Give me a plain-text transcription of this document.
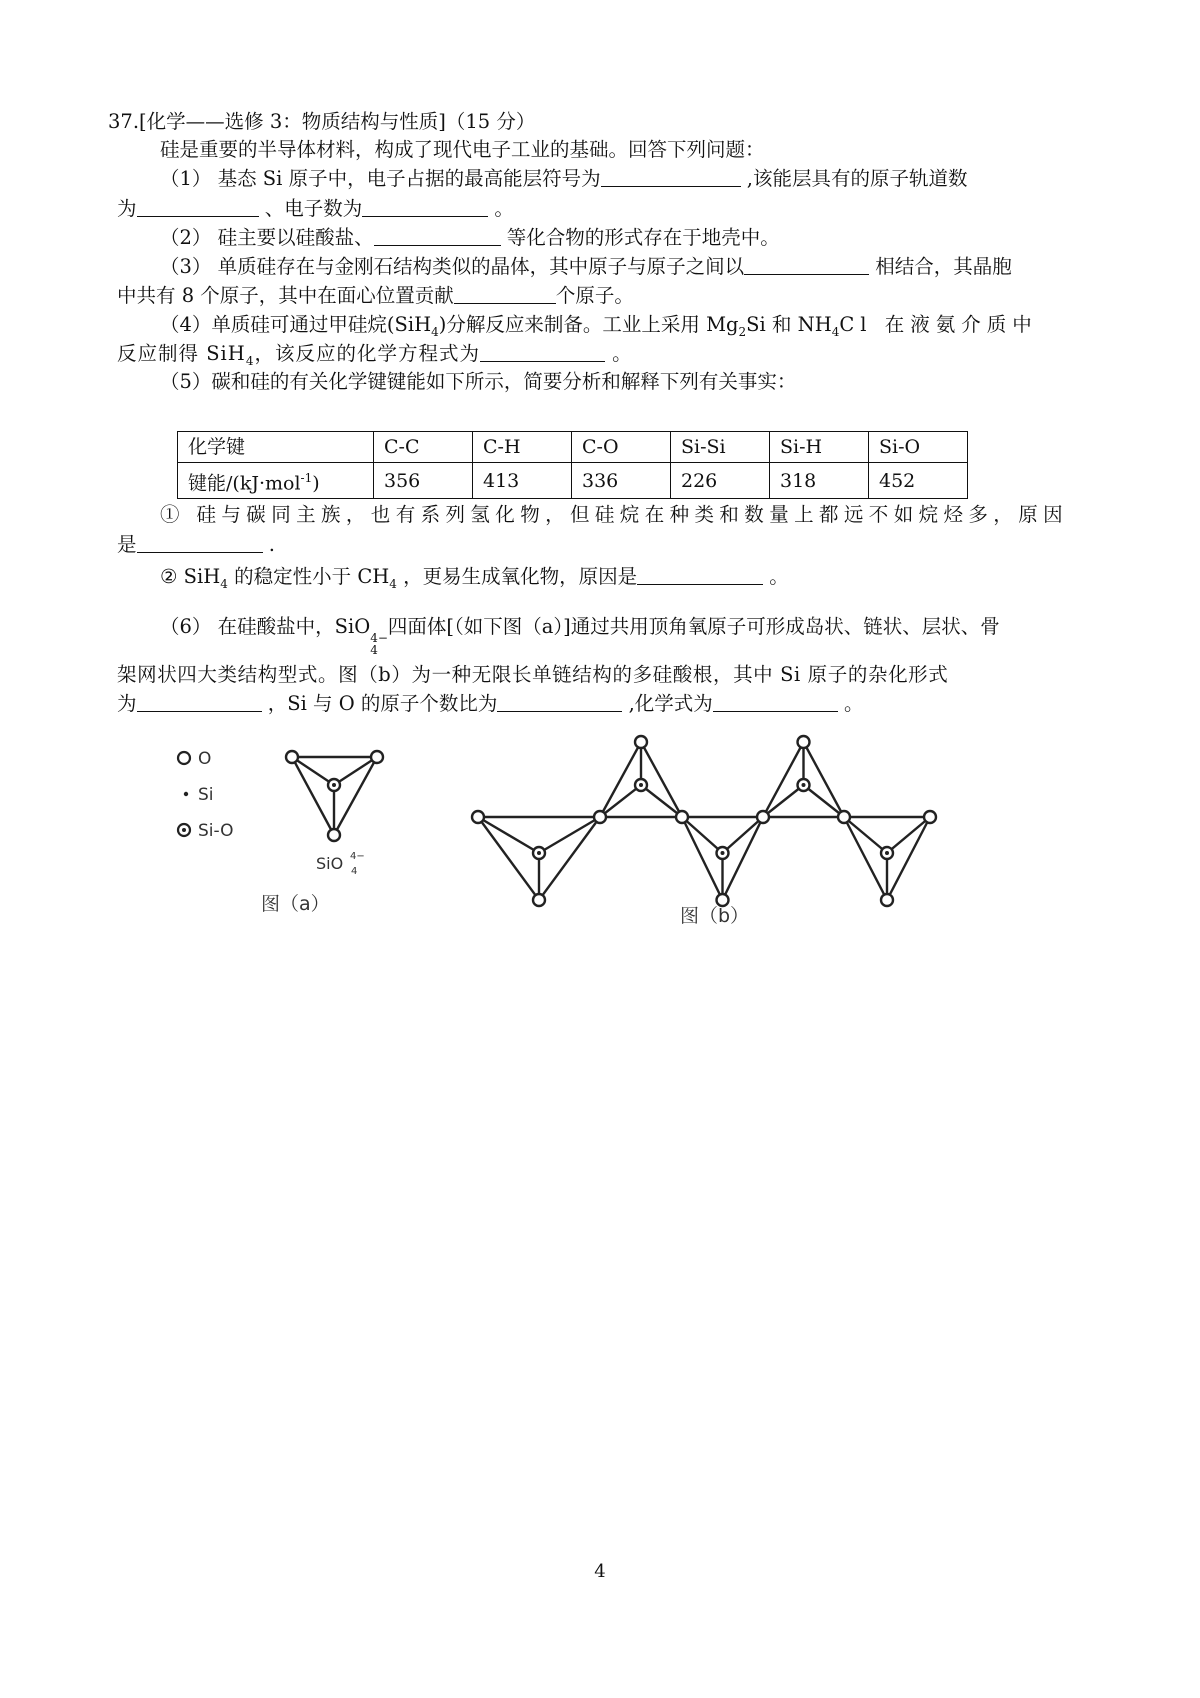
37.[化学——选修 3：物质结构与性质]（15 分）
硅是重要的半导体材料，构成了现代电子工业的基础。回答下列问题：
（1） 基态 Si 原子中，电子占据的最高能层符号为	,该能层具有的原子轨道数
为	、电子数为	。
（2） 硅主要以硅酸盐、	等化合物的形式存在于地壳中。
（3） 单质硅存在与金刚石结构类似的晶体，其中原子与原子之间以	相结合，其晶胞
中共有 8 个原子，其中在面心位置贡献	个原子。
（4）单质硅可通过甲硅烷(SiH$_4$)分解反应来制备。工业上采用 $Mg_2Si$ 和 $NH_4Cl$ 在液氨介质中
反应制得 SiH$_4$，该反应的化学方程式为	。
（5）碳和硅的有关化学键键能如下所示，简要分析和解释下列有关事实：
化学键	C-C	C-H	C-O	Si-Si	Si-H	Si-O
键能/(kJ·mol$^{-1}$)	356	413	336	226	318	452
① 硅与碳同主族，也有系列氢化物，但硅烷在种类和数量上都远不如烷烃多，原因
是	.
② SiH$_4$ 的稳定性小于 $CH_4$ ，更易生成氧化物，原因是	。
（6） 在硅酸盐中，SiO 4−
4
四面体[（如下图（a）]通过共用顶角氧原子可形成岛状、链状、层状、骨
架网状四大类结构型式。图（b）为一种无限长单链结构的多硅酸根，其中 Si 原子的杂化形式
为	，Si 与 O 的原子个数比为	,化学式为	。
O
Si
Si-O
SiO 4
4−
图（a）
图（b）
4
